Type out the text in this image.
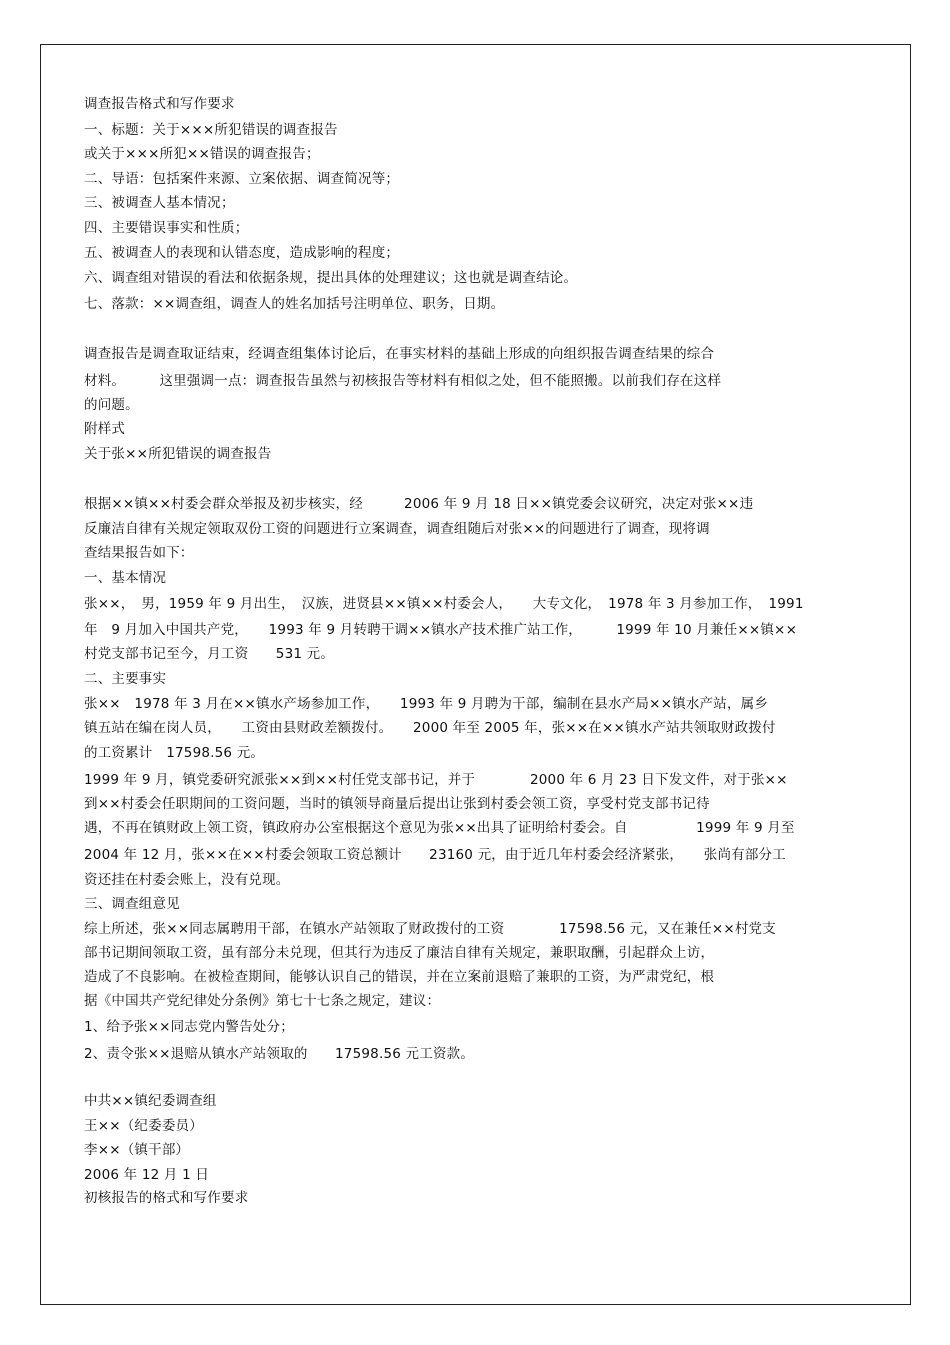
调查报告格式和写作要求
一、标题：关于×××所犯错误的调查报告
或关于×××所犯××错误的调查报告；
二、导语：包括案件来源、立案依据、调查简况等；
三、被调查人基本情况；
四、主要错误事实和性质；
五、被调查人的表现和认错态度，造成影响的程度；
六、调查组对错误的看法和依据条规，提出具体的处理建议；这也就是调查结论。
七、落款：××调查组，调查人的姓名加括号注明单位、职务，日期。
调查报告是调查取证结束，经调查组集体讨论后，在事实材料的基础上形成的向组织报告调查结果的综合
材料。　　　这里强调一点：调查报告虽然与初核报告等材料有相似之处，但不能照搬。以前我们存在这样
的问题。
附样式
关于张××所犯错误的调查报告
根据××镇××村委会群众举报及初步核实，经　　　2006 年 9 月 18 日××镇党委会议研究，决定对张××违
反廉洁自律有关规定领取双份工资的问题进行立案调查，调查组随后对张××的问题进行了调查，现将调
查结果报告如下：
一、基本情况
张××，　男，1959 年 9 月出生，　汉族，进贤县××镇××村委会人，　　大专文化，　1978 年 3 月参加工作，　1991
年　9 月加入中国共产党，　　1993 年 9 月转聘干调××镇水产技术推广站工作，　　　1999 年 10 月兼任××镇××
村党支部书记至今，月工资　　531 元。
二、主要事实
张××　1978 年 3 月在××镇水产场参加工作，　　1993 年 9 月聘为干部，编制在县水产局××镇水产站，属乡
镇五站在编在岗人员，　　工资由县财政差额拨付。　　2000 年至 2005 年，张××在××镇水产站共领取财政拨付
的工资累计　17598.56 元。
1999 年 9 月，镇党委研究派张××到××村任党支部书记，并于　　　　2000 年 6 月 23 日下发文件，对于张××
到××村委会任职期间的工资问题，当时的镇领导商量后提出让张到村委会领工资，享受村党支部书记待
遇，不再在镇财政上领工资，镇政府办公室根据这个意见为张××出具了证明给村委会。自　　　　　1999 年 9 月至
2004 年 12 月，张××在××村委会领取工资总额计　　23160 元，由于近几年村委会经济紧张，　　张尚有部分工
资还挂在村委会账上，没有兑现。
三、调查组意见
综上所述，张××同志属聘用干部，在镇水产站领取了财政拨付的工资　　　　17598.56 元，又在兼任××村党支
部书记期间领取工资，虽有部分未兑现，但其行为违反了廉洁自律有关规定，兼职取酬，引起群众上访，
造成了不良影响。在被检查期间，能够认识自己的错误，并在立案前退赔了兼职的工资，为严肃党纪，根
据《中国共产党纪律处分条例》第七十七条之规定，建议：
1、给予张××同志党内警告处分；
2、责令张××退赔从镇水产站领取的　　17598.56 元工资款。
中共××镇纪委调查组
王××（纪委委员）
李××（镇干部）
2006 年 12 月 1 日
初核报告的格式和写作要求
